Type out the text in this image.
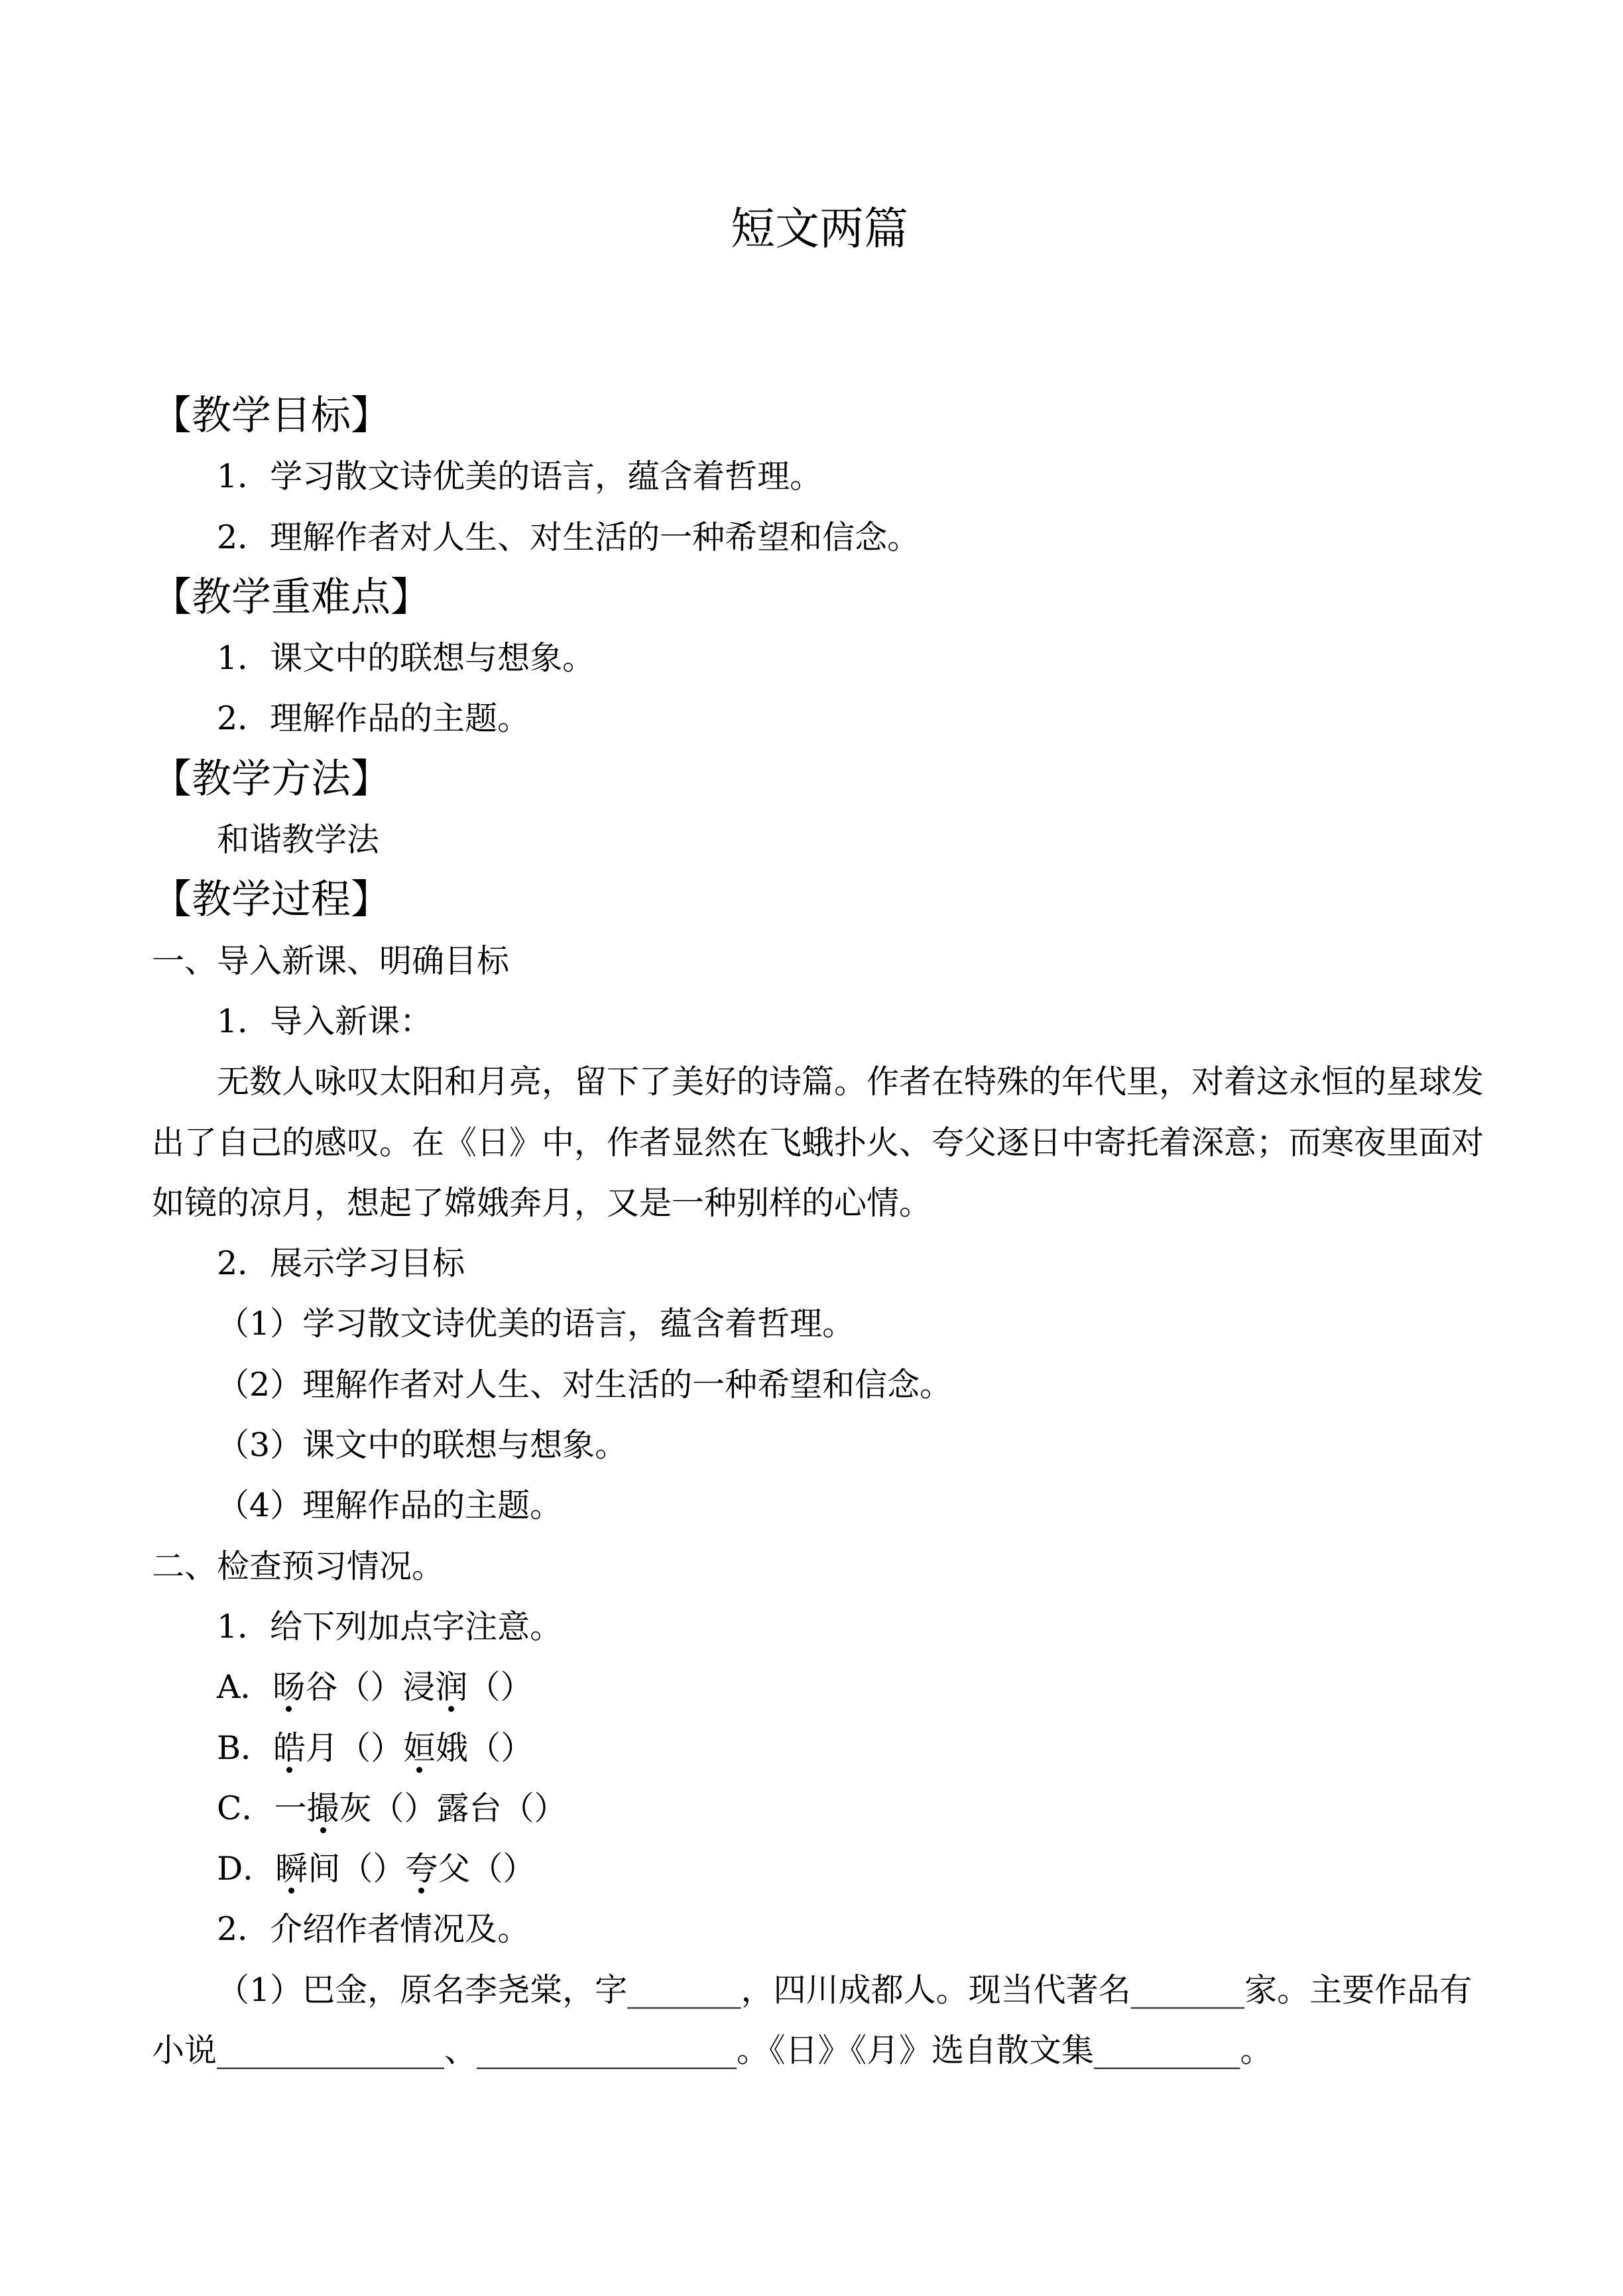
短文两篇
【教学目标】
1．学习散文诗优美的语言，蕴含着哲理。
2．理解作者对人生、对生活的一种希望和信念。
【教学重难点】
1．课文中的联想与想象。
2．理解作品的主题。
【教学方法】
和谐教学法
【教学过程】
一、导入新课、明确目标
1．导入新课：
无数人咏叹太阳和月亮，留下了美好的诗篇。作者在特殊的年代里，对着这永恒的星球发
出了自己的感叹。在《日》中，作者显然在飞蛾扑火、夸父逐日中寄托着深意；而寒夜里面对
如镜的凉月，想起了嫦娥奔月，又是一种别样的心情。
2．展示学习目标
（1）学习散文诗优美的语言，蕴含着哲理。
（2）理解作者对人生、对生活的一种希望和信念。
（3）课文中的联想与想象。
（4）理解作品的主题。
二、检查预习情况。
1．给下列加点字注意。
A．旸谷（）浸润（）
B．皓月（）姮娥（）
C．一撮灰（）露台（）
D．瞬间（）夸父（）
2．介绍作者情况及。
（1）巴金，原名李尧棠，字_______，四川成都人。现当代著名_______家。主要作品有
小说______________、________________。《日》《月》选自散文集_________。
